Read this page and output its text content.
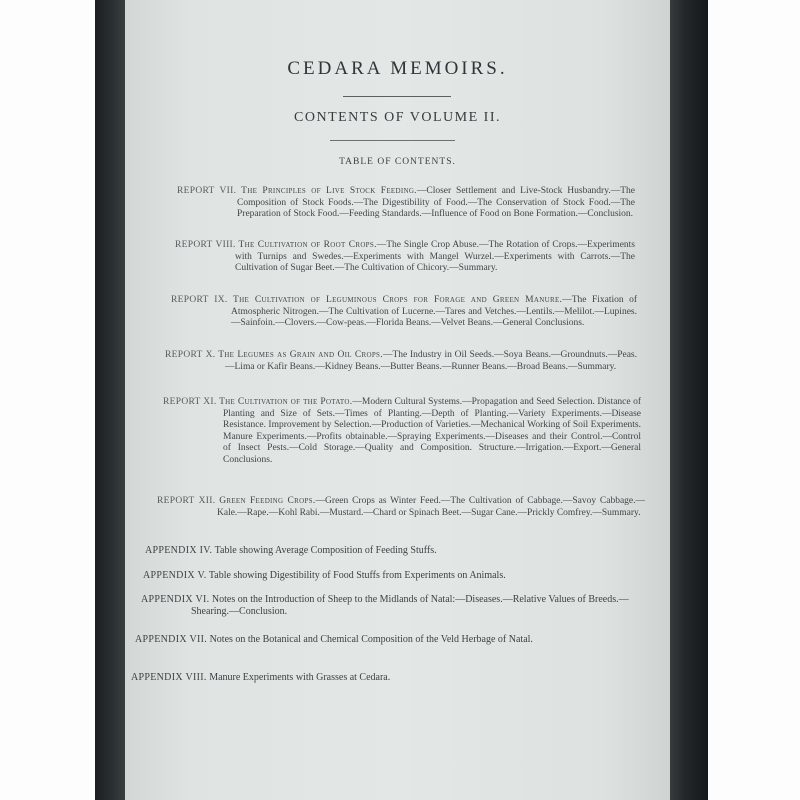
CEDARA MEMOIRS.
CONTENTS OF VOLUME II.
TABLE OF CONTENTS.
REPORT VII. The Principles of Live Stock Feeding.—Closer Settlement and Live-Stock Husbandry.—The Composition of Stock Foods.—The Digestibility of Food.—The Conservation of Stock Food.—The Preparation of Stock Food.—Feeding Standards.—Influence of Food on Bone Formation.—Conclusion.
REPORT VIII. The Cultivation of Root Crops.—The Single Crop Abuse.—The Rotation of Crops.—Experiments with Turnips and Swedes.—Experiments with Mangel Wurzel.—Experiments with Carrots.—The Cultivation of Sugar Beet.—The Cultivation of Chicory.—Summary.
REPORT IX. The Cultivation of Leguminous Crops for Forage and Green Manure.—The Fixation of Atmospheric Nitrogen.—The Cultivation of Lucerne.—Tares and Vetches.—Lentils.—Melilot.—Lupines.—Sainfoin.—Clovers.—Cow-peas.—Florida Beans.—Velvet Beans.—General Conclusions.
REPORT X. The Legumes as Grain and Oil Crops.—The Industry in Oil Seeds.—Soya Beans.—Groundnuts.—Peas.—Lima or Kafir Beans.—Kidney Beans.—Butter Beans.—Runner Beans.—Broad Beans.—Summary.
REPORT XI. The Cultivation of the Potato.—Modern Cultural Systems.—Propagation and Seed Selection. Distance of Planting and Size of Sets.—Times of Planting.—Depth of Planting.—Variety Experiments.—Disease Resistance. Improvement by Selection.—Production of Varieties.—Mechanical Working of Soil Experiments. Manure Experiments.—Profits obtainable.—Spraying Experiments.—Diseases and their Control.—Control of Insect Pests.—Cold Storage.—Quality and Composition. Structure.—Irrigation.—Export.—General Conclusions.
REPORT XII. Green Feeding Crops.—Green Crops as Winter Feed.—The Cultivation of Cabbage.—Savoy Cabbage.—Kale.—Rape.—Kohl Rabi.—Mustard.—Chard or Spinach Beet.—Sugar Cane.—Prickly Comfrey.—Summary.
APPENDIX IV. Table showing Average Composition of Feeding Stuffs.
APPENDIX V. Table showing Digestibility of Food Stuffs from Experiments on Animals.
APPENDIX VI. Notes on the Introduction of Sheep to the Midlands of Natal:—Diseases.—Relative Values of Breeds.—Shearing.—Conclusion.
APPENDIX VII. Notes on the Botanical and Chemical Composition of the Veld Herbage of Natal.
APPENDIX VIII. Manure Experiments with Grasses at Cedara.
